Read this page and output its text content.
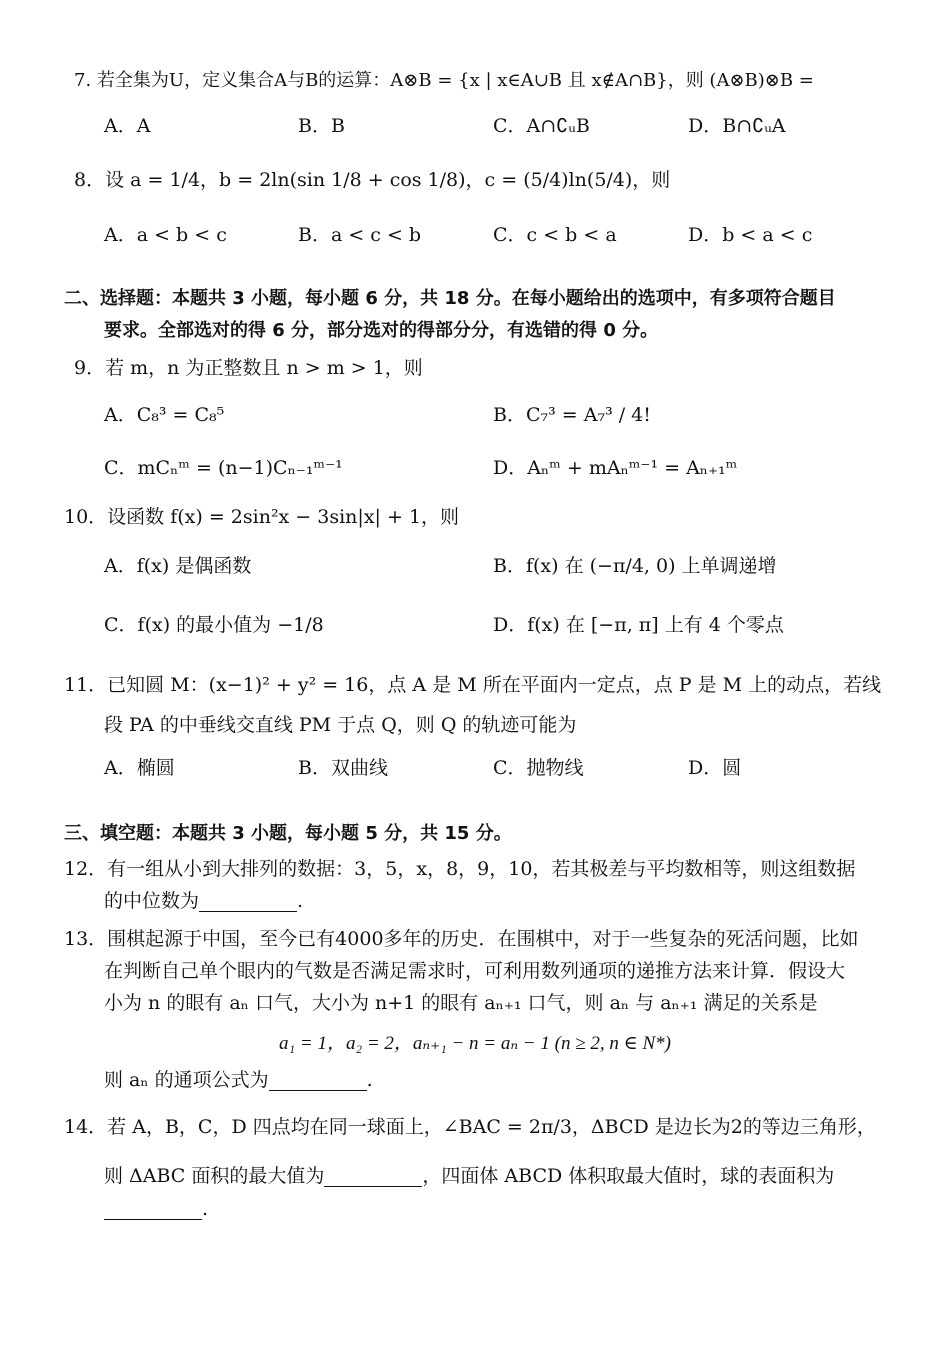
7. 若全集为U，定义集合A与B的运算：A⊗B = {x | x∈A∪B 且 x∉A∩B}，则 (A⊗B)⊗B =
A．A	B．B	C．A∩∁ᵤB	D．B∩∁ᵤA
8．设 a = 1/4，b = 2ln(sin 1/8 + cos 1/8)，c = (5/4)ln(5/4)，则
A．a < b < c	B．a < c < b	C．c < b < a	D．b < a < c
二、选择题：本题共 3 小题，每小题 6 分，共 18 分。在每小题给出的选项中，有多项符合题目
要求。全部选对的得 6 分，部分选对的得部分分，有选错的得 0 分。
9．若 m，n 为正整数且 n > m > 1，则
A．C₈³ = C₈⁵	B．C₇³ = A₇³ / 4!
C．mCₙᵐ = (n−1)Cₙ₋₁ᵐ⁻¹	D．Aₙᵐ + mAₙᵐ⁻¹ = Aₙ₊₁ᵐ
10．设函数 f(x) = 2sin²x − 3sin|x| + 1，则
A．f(x) 是偶函数	B．f(x) 在 (−π/4, 0) 上单调递增
C．f(x) 的最小值为 −1/8	D．f(x) 在 [−π, π] 上有 4 个零点
11．已知圆 M：(x−1)² + y² = 16，点 A 是 M 所在平面内一定点，点 P 是 M 上的动点，若线
段 PA 的中垂线交直线 PM 于点 Q，则 Q 的轨迹可能为
A．椭圆	B．双曲线	C．抛物线	D．圆
三、填空题：本题共 3 小题，每小题 5 分，共 15 分。
12．有一组从小到大排列的数据：3，5，x，8，9，10，若其极差与平均数相等，则这组数据
的中位数为	.
13．围棋起源于中国，至今已有4000多年的历史．在围棋中，对于一些复杂的死活问题，比如
在判断自己单个眼内的气数是否满足需求时，可利用数列通项的递推方法来计算．假设大
小为 n 的眼有 aₙ 口气，大小为 n+1 的眼有 aₙ₊₁ 口气，则 aₙ 与 aₙ₊₁ 满足的关系是
a₁ = 1，a₂ = 2，aₙ₊₁ − n = aₙ − 1 (n ≥ 2, n ∈ N*)
则 aₙ 的通项公式为	.
14．若 A，B，C，D 四点均在同一球面上，∠BAC = 2π/3，ΔBCD 是边长为2的等边三角形，
则 ΔABC 面积的最大值为	，四面体 ABCD 体积取最大值时，球的表面积为
.
